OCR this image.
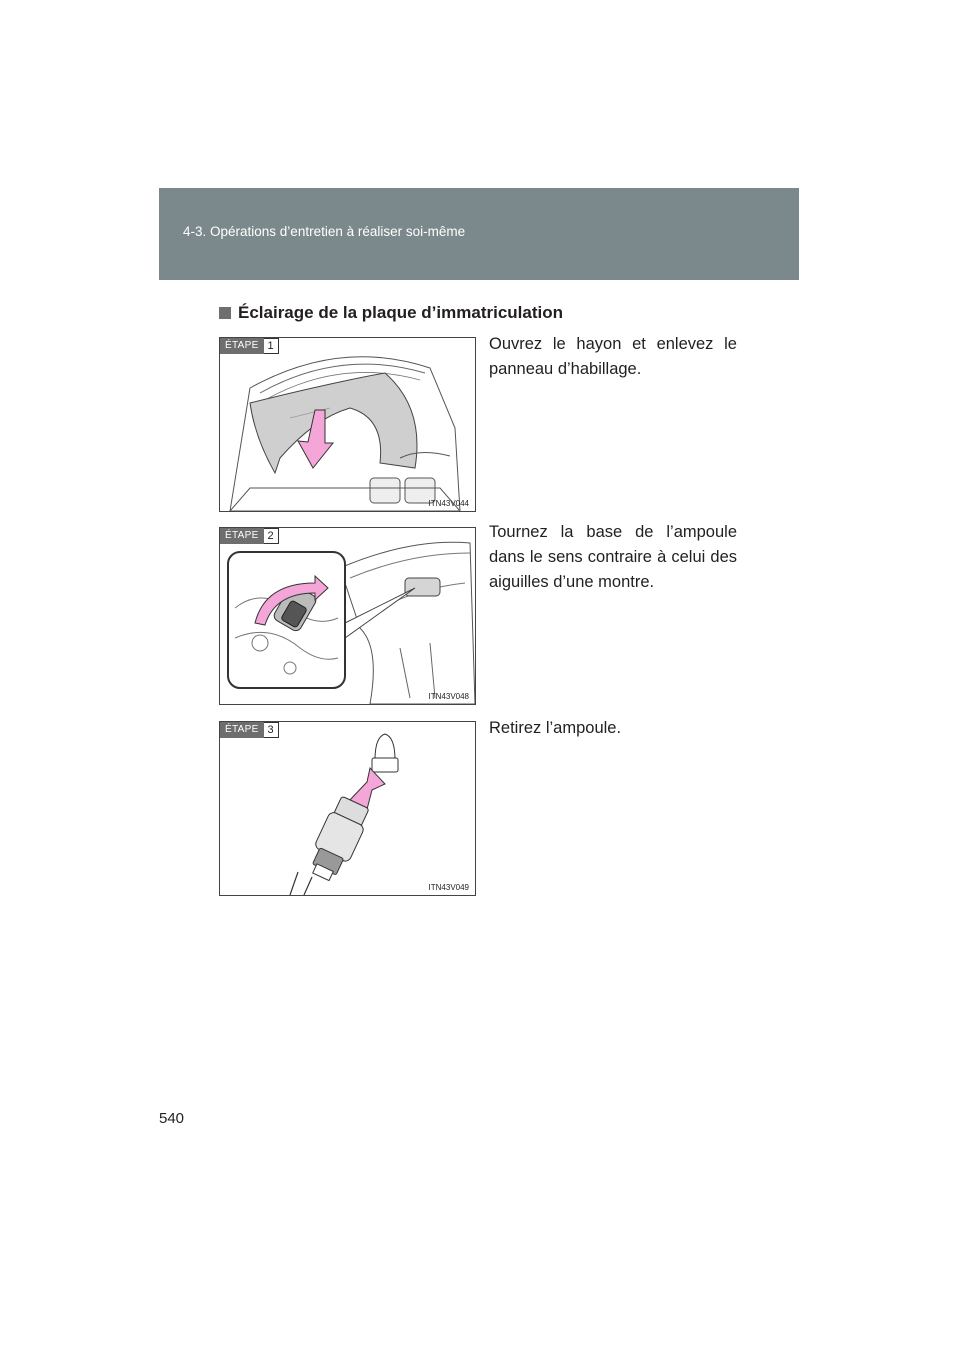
4-3. Opérations d’entretien à réaliser soi-même
Éclairage de la plaque d’immatriculation
ÉTAPE 1
ITN43V044
Ouvrez le hayon et enlevez le panneau d’habillage.
ÉTAPE 2
ITN43V048
Tournez la base de l’ampoule dans le sens contraire à celui des aiguilles d’une montre.
ÉTAPE 3
ITN43V049
Retirez l’ampoule.
540
